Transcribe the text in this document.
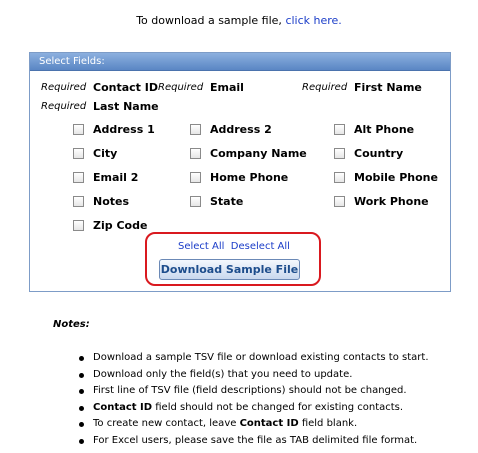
To download a sample file, click here.
Select Fields:
Required Contact ID Required Email	Required First Name
Required Last Name
Address 1	Address 2	Alt Phone
City	Company Name	Country
Email 2	Home Phone	Mobile Phone
Notes	State	Work Phone
Zip Code
Select All Deselect All
Download Sample File
Notes:
Download a sample TSV file or download existing contacts to start.
Download only the field(s) that you need to update.
First line of TSV file (field descriptions) should not be changed.
Contact ID field should not be changed for existing contacts.
To create new contact, leave Contact ID field blank.
For Excel users, please save the file as TAB delimited file format.
